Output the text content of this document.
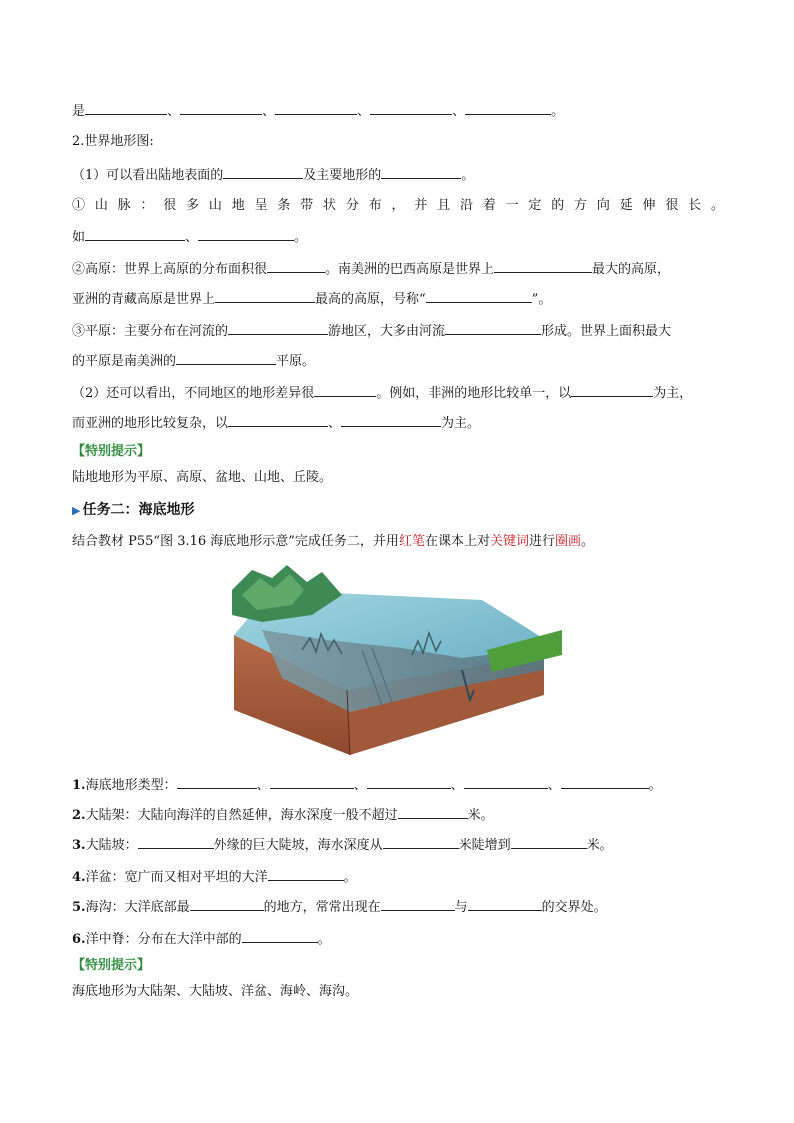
是	、	、	、	、	。
2.世界地形图:
（1）可以看出陆地表面的	及主要地形的	。
① 山 脉 ： 很 多 山 地 呈 条 带 状 分 布 ， 并 且 沿 着 一 定 的 方 向 延 伸 很 长 。
如	、	。
②高原：世界上高原的分布面积很	。南美洲的巴西高原是世界上	最大的高原，
亚洲的青藏高原是世界上	最高的高原，号称“	”。
③平原：主要分布在河流的	游地区，大多由河流	形成。世界上面积最大
的平原是南美洲的	平原。
（2）还可以看出，不同地区的地形差异很	。例如，非洲的地形比较单一，以	为主，
而亚洲的地形比较复杂，以	、	为主。
【特别提示】
陆地地形为平原、高原、盆地、山地、丘陵。
▶ 任务二：海底地形
结合教材 P55“图 3.16 海底地形示意”完成任务二，并用红笔在课本上对关键词进行圈画。
1.海底地形类型：	、	、	、	、	。
2.大陆架：大陆向海洋的自然延伸，海水深度一般不超过	米。
3.大陆坡：	外缘的巨大陡坡，海水深度从	米陡增到	米。
4.洋盆：宽广而又相对平坦的大洋	。
5.海沟：大洋底部最	的地方，常常出现在	与	的交界处。
6.洋中脊：分布在大洋中部的	。
【特别提示】
海底地形为大陆架、大陆坡、洋盆、海岭、海沟。
